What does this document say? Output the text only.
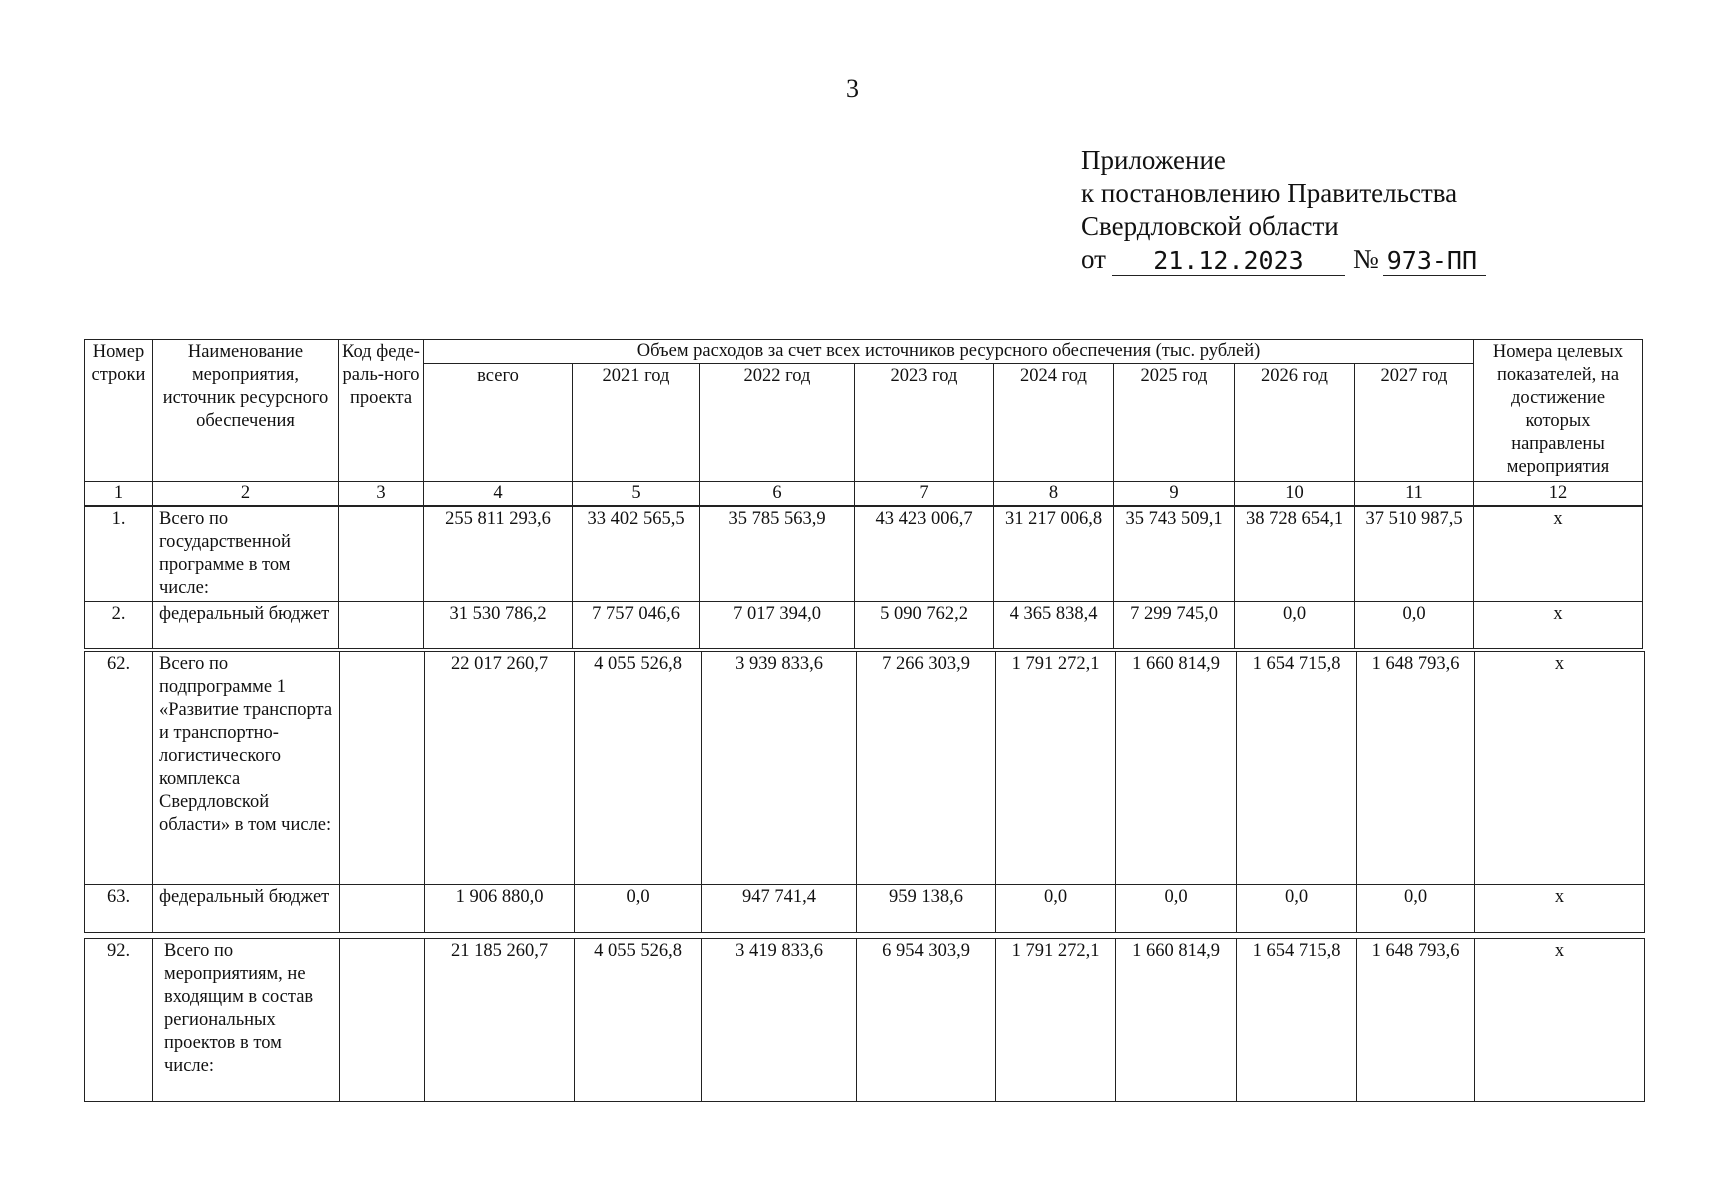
3
Приложение
к постановлению Правительства
Свердловской области
от	21.12.2023	№ 973-ПП
Номер строки	Наименование мероприятия, источник ресурсного обеспечения	Код феде-раль-ного проекта	Объем расходов за счет всех источников ресурсного обеспечения (тыс. рублей)								Номера целевых показателей, на достижение которых направлены мероприятия
			всего	2021 год	2022 год	2023 год	2024 год	2025 год	2026 год	2027 год	
1	2	3	4	5	6	7	8	9	10	11	12
1.	Всего по государственной программе в том числе:		255 811 293,6	33 402 565,5	35 785 563,9	43 423 006,7	31 217 006,8	35 743 509,1	38 728 654,1	37 510 987,5	х
2.	федеральный бюджет		31 530 786,2	7 757 046,6	7 017 394,0	5 090 762,2	4 365 838,4	7 299 745,0	0,0	0,0	х
62.	Всего по подпрограмме 1 «Развитие транспорта и транспортно-логистического комплекса Свердловской области» в том числе:		22 017 260,7	4 055 526,8	3 939 833,6	7 266 303,9	1 791 272,1	1 660 814,9	1 654 715,8	1 648 793,6	х
63.	федеральный бюджет		1 906 880,0	0,0	947 741,4	959 138,6	0,0	0,0	0,0	0,0	х
92.	Всего по мероприятиям, не входящим в состав региональных проектов в том числе:		21 185 260,7	4 055 526,8	3 419 833,6	6 954 303,9	1 791 272,1	1 660 814,9	1 654 715,8	1 648 793,6	х
